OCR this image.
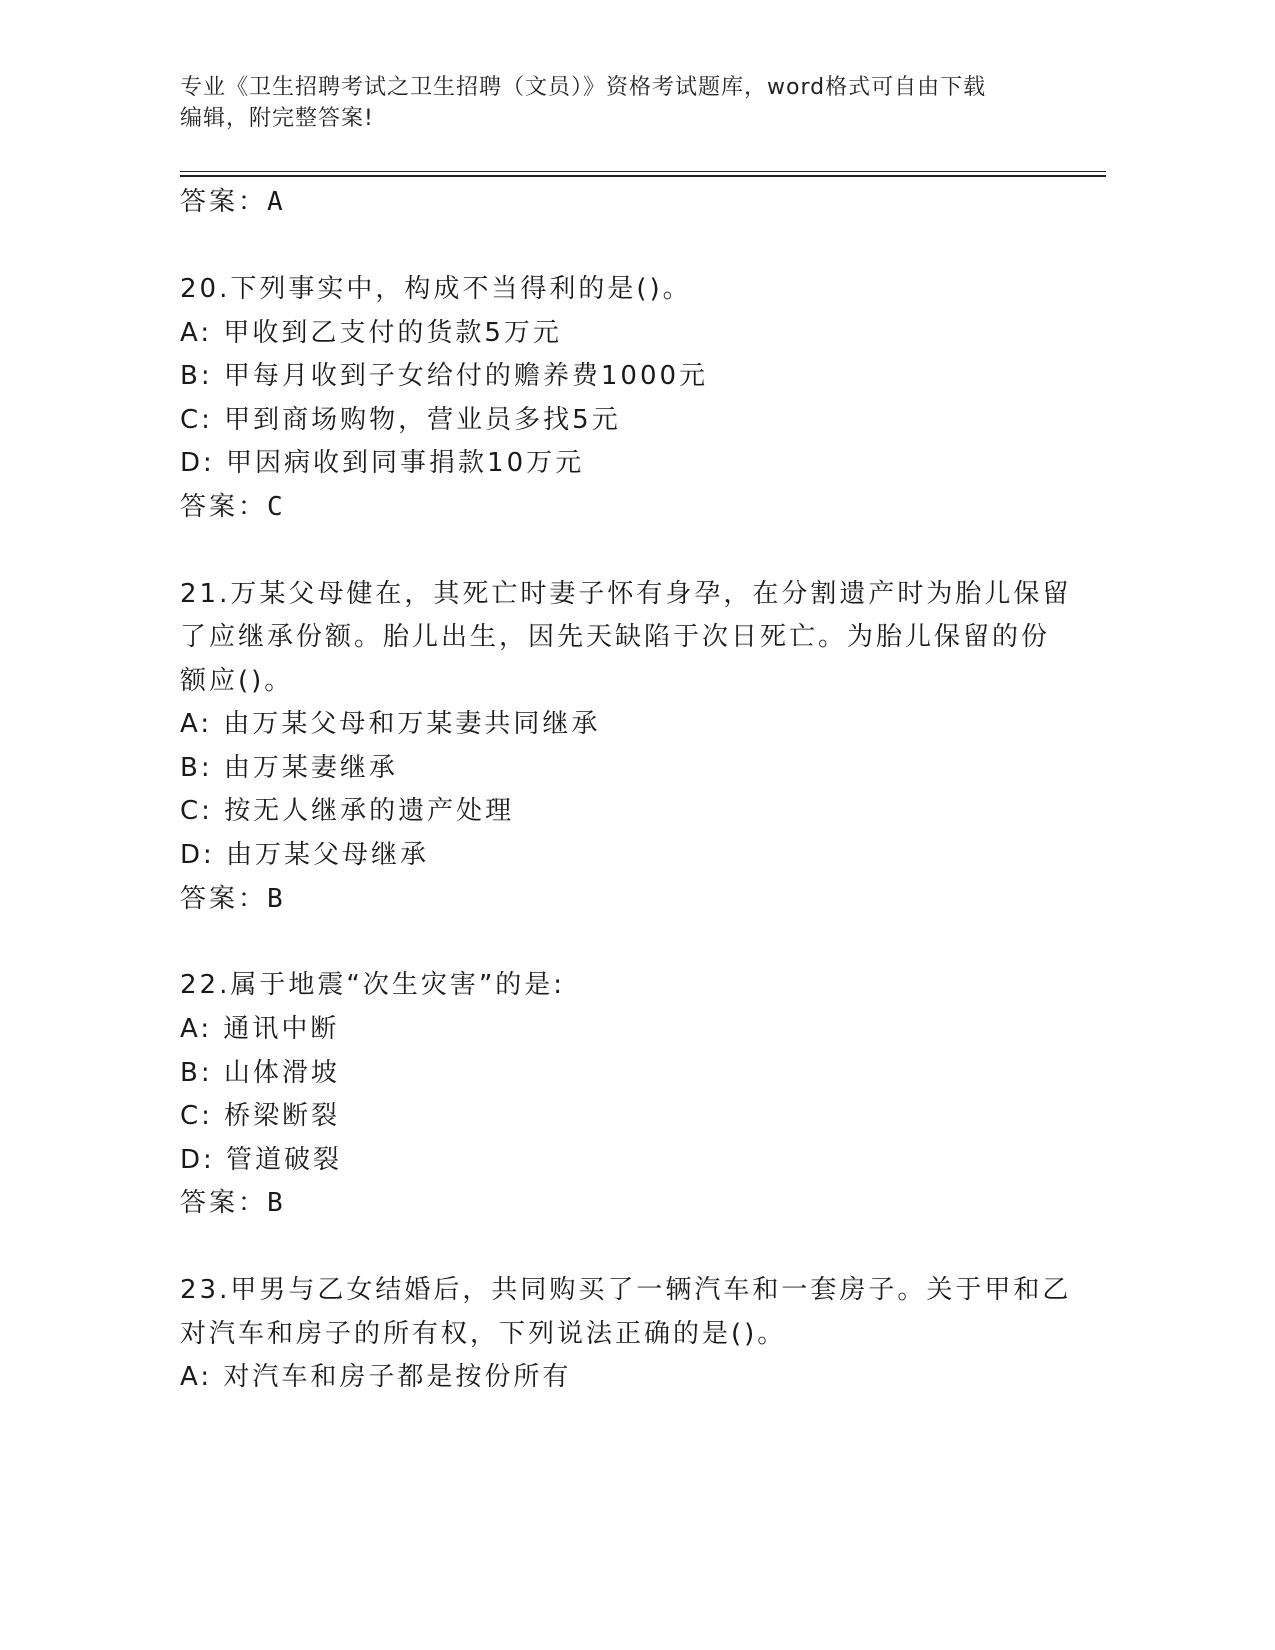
专业《卫生招聘考试之卫生招聘（文员）》资格考试题库，word格式可自由下载
编辑，附完整答案!
答案：A
20.下列事实中，构成不当得利的是()。
A: 甲收到乙支付的货款5万元
B: 甲每月收到子女给付的赡养费1000元
C: 甲到商场购物，营业员多找5元
D: 甲因病收到同事捐款10万元
答案：C
21.万某父母健在，其死亡时妻子怀有身孕，在分割遗产时为胎儿保留
了应继承份额。胎儿出生，因先天缺陷于次日死亡。为胎儿保留的份
额应()。
A: 由万某父母和万某妻共同继承
B: 由万某妻继承
C: 按无人继承的遗产处理
D: 由万某父母继承
答案：B
22.属于地震“次生灾害”的是:
A: 通讯中断
B: 山体滑坡
C: 桥梁断裂
D: 管道破裂
答案：B
23.甲男与乙女结婚后，共同购买了一辆汽车和一套房子。关于甲和乙
对汽车和房子的所有权，下列说法正确的是()。
A: 对汽车和房子都是按份所有
